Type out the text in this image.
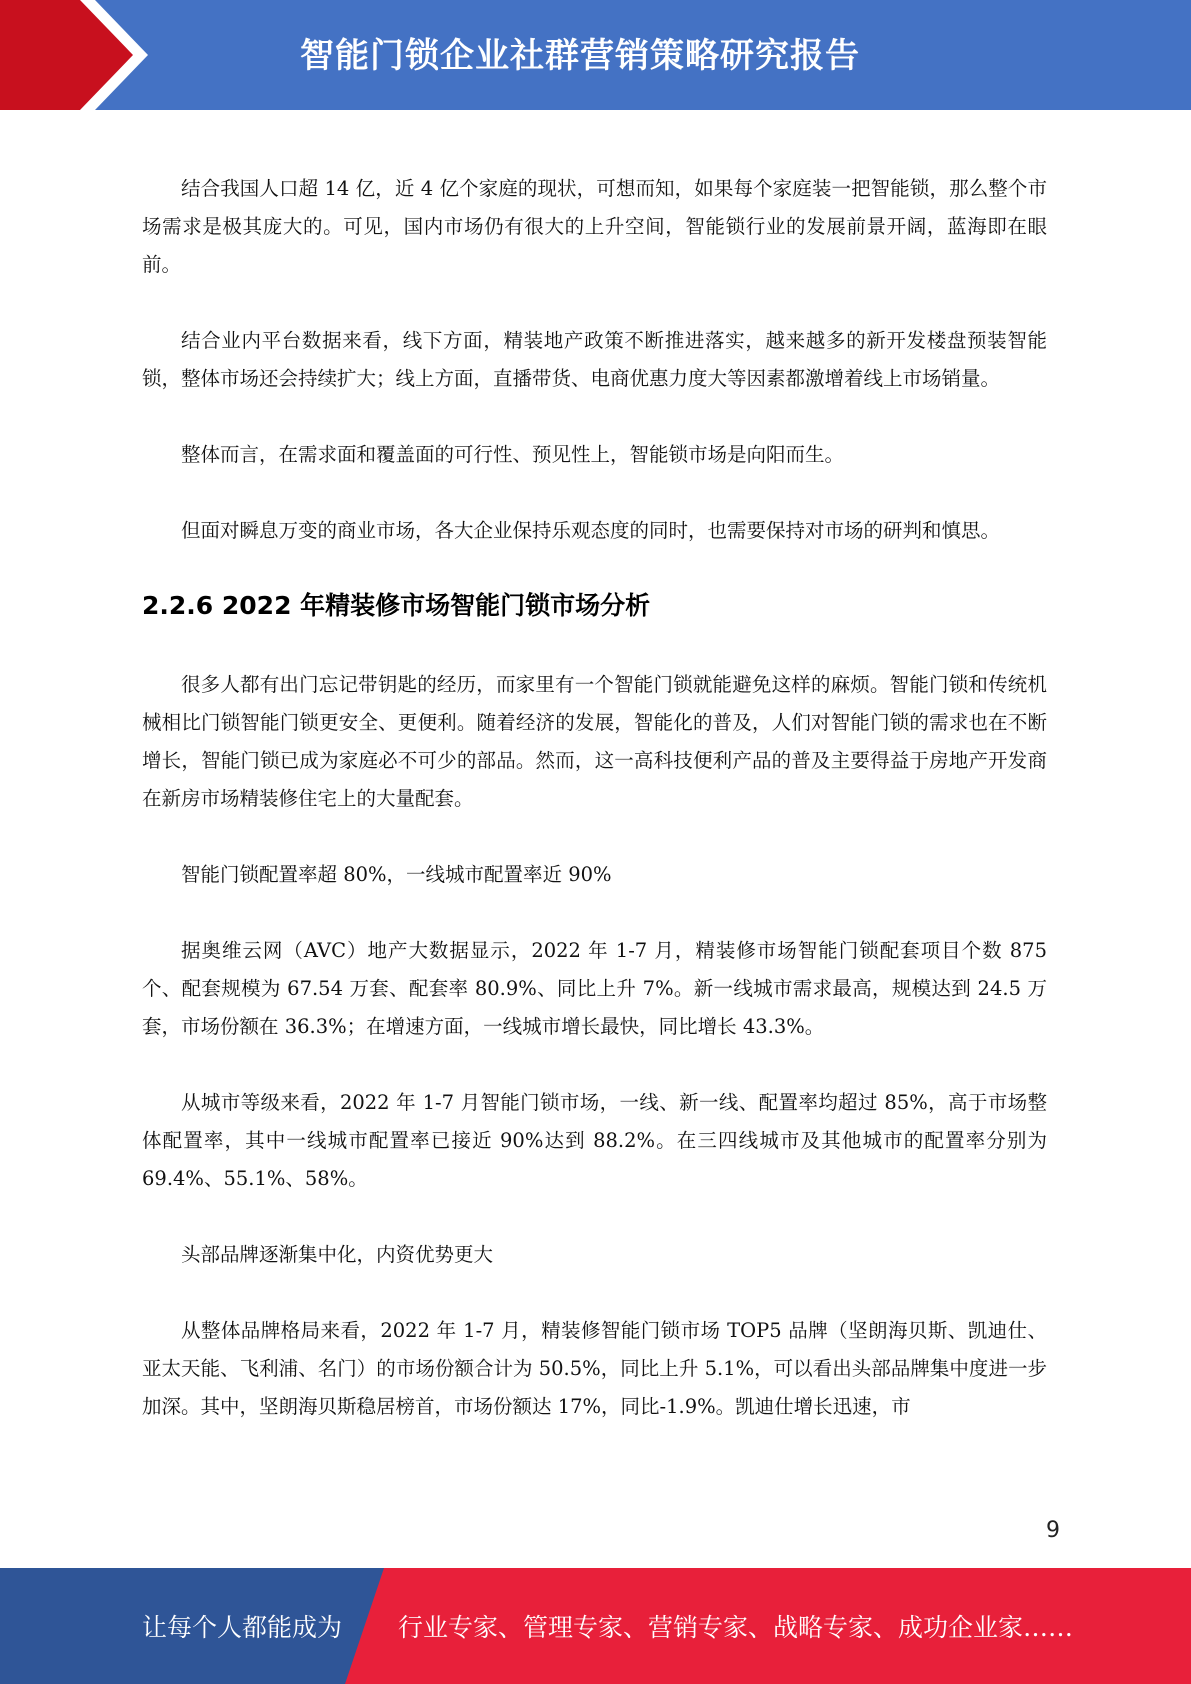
智能门锁企业社群营销策略研究报告

结合我国人口超 14 亿，近 4 亿个家庭的现状，可想而知，如果每个家庭装一把智能锁，那么整个市场需求是极其庞大的。可见，国内市场仍有很大的上升空间，智能锁行业的发展前景开阔，蓝海即在眼前。

结合业内平台数据来看，线下方面，精装地产政策不断推进落实，越来越多的新开发楼盘预装智能锁，整体市场还会持续扩大；线上方面，直播带货、电商优惠力度大等因素都激增着线上市场销量。

整体而言，在需求面和覆盖面的可行性、预见性上，智能锁市场是向阳而生。

但面对瞬息万变的商业市场，各大企业保持乐观态度的同时，也需要保持对市场的研判和慎思。

2.2.6 2022 年精装修市场智能门锁市场分析

很多人都有出门忘记带钥匙的经历，而家里有一个智能门锁就能避免这样的麻烦。智能门锁和传统机械相比门锁智能门锁更安全、更便利。随着经济的发展，智能化的普及，人们对智能门锁的需求也在不断增长，智能门锁已成为家庭必不可少的部品。然而，这一高科技便利产品的普及主要得益于房地产开发商在新房市场精装修住宅上的大量配套。

智能门锁配置率超 80%，一线城市配置率近 90%

据奥维云网（AVC）地产大数据显示，2022 年 1-7 月，精装修市场智能门锁配套项目个数 875 个、配套规模为 67.54 万套、配套率 80.9%、同比上升 7%。新一线城市需求最高，规模达到 24.5 万套，市场份额在 36.3%；在增速方面，一线城市增长最快，同比增长 43.3%。

从城市等级来看，2022 年 1-7 月智能门锁市场，一线、新一线、配置率均超过 85%，高于市场整体配置率，其中一线城市配置率已接近 90%达到 88.2%。在三四线城市及其他城市的配置率分别为 69.4%、55.1%、58%。

头部品牌逐渐集中化，内资优势更大

从整体品牌格局来看，2022 年 1-7 月，精装修智能门锁市场 TOP5 品牌（坚朗海贝斯、凯迪仕、亚太天能、飞利浦、名门）的市场份额合计为 50.5%，同比上升 5.1%，可以看出头部品牌集中度进一步加深。其中，坚朗海贝斯稳居榜首，市场份额达 17%，同比-1.9%。凯迪仕增长迅速，市

9
让每个人都能成为 行业专家、管理专家、营销专家、战略专家、成功企业家……
